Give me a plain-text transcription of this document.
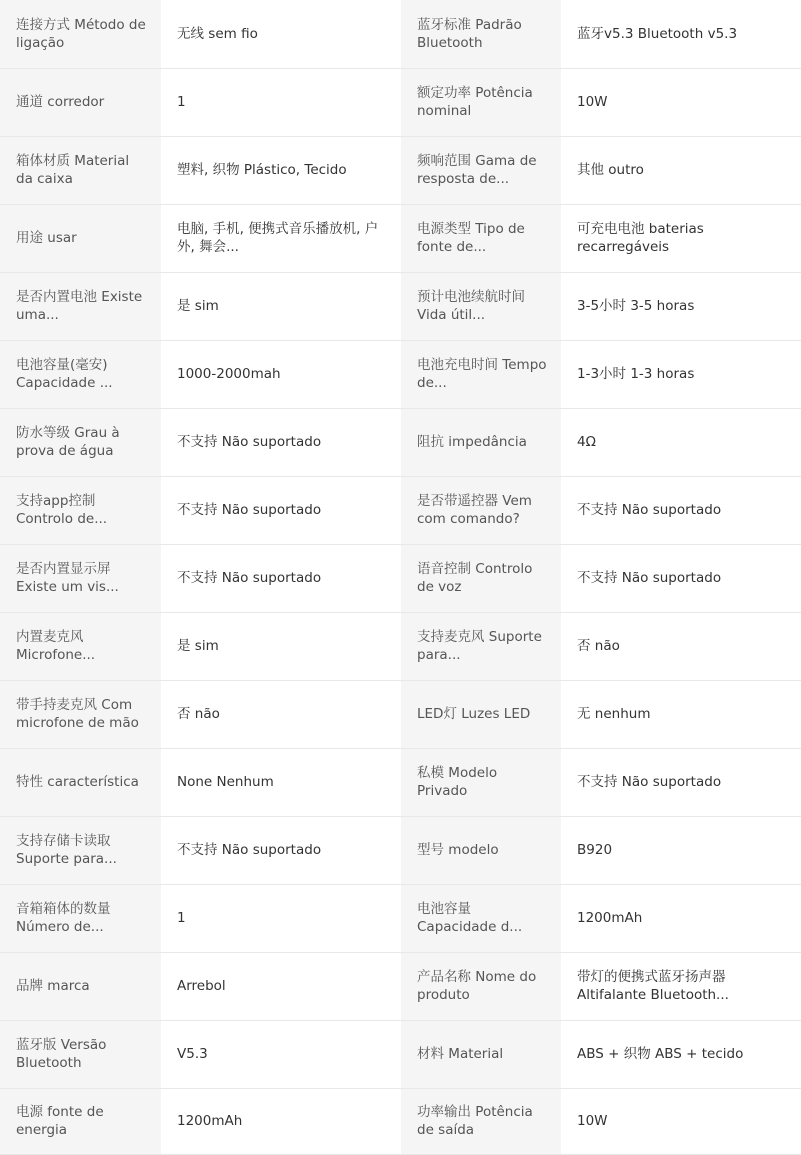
连接方式 Método de ligação	无线 sem fio	蓝牙标准 Padrão Bluetooth	蓝牙v5.3 Bluetooth v5.3

通道 corredor	1	额定功率 Potência nominal	10W

箱体材质 Material da caixa	塑料, 织物 Plástico, Tecido	频响范围 Gama de resposta de...	其他 outro

用途 usar	电脑, 手机, 便携式音乐播放机, 户外, 舞会...	电源类型 Tipo de fonte de...	可充电电池 baterias recarregáveis

是否内置电池 Existe uma...	是 sim	预计电池续航时间 Vida útil...	3-5小时 3-5 horas

电池容量(毫安) Capacidade ...	1000-2000mah	电池充电时间 Tempo de...	1-3小时 1-3 horas

防水等级 Grau à prova de água	不支持 Não suportado	阻抗 impedância	4Ω

支持app控制 Controlo de...	不支持 Não suportado	是否带遥控器 Vem com comando?	不支持 Não suportado

是否内置显示屏 Existe um vis...	不支持 Não suportado	语音控制 Controlo de voz	不支持 Não suportado

内置麦克风 Microfone...	是 sim	支持麦克风 Suporte para...	否 não

带手持麦克风 Com microfone de mão	否 não	LED灯 Luzes LED	无 nenhum

特性 característica	None Nenhum	私模 Modelo Privado	不支持 Não suportado

支持存储卡读取 Suporte para...	不支持 Não suportado	型号 modelo	B920

音箱箱体的数量 Número de...	1	电池容量 Capacidade d...	1200mAh

品牌 marca	Arrebol	产品名称 Nome do produto	带灯的便携式蓝牙扬声器 Altifalante Bluetooth...

蓝牙版 Versão Bluetooth	V5.3	材料 Material	ABS + 织物 ABS + tecido

电源 fonte de energia	1200mAh	功率输出 Potência de saída	10W
